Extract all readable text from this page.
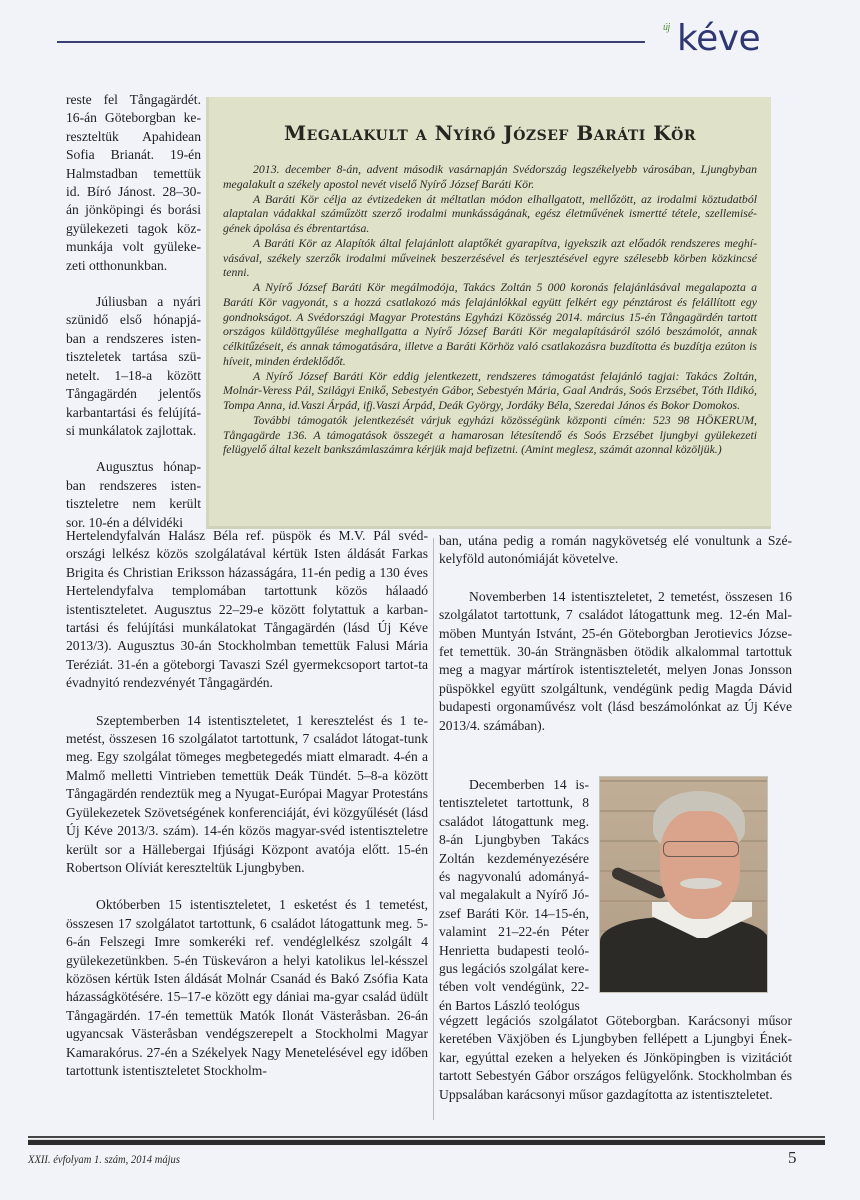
új kéve

reste fel Tångagärdét. 16-án Göteborgban ke-reszteltük Apahidean Sofia Brianát. 19-én Halmstadban temettük id. Bíró Jánost. 28–30-án jönköpingi és borási gyülekezeti tagok köz-munkája volt gyüleke-zeti otthonunkban.

Júliusban a nyári szünidő első hónapjá-ban a rendszeres isten-tiszteletek tartása szü-netelt. 1–18-a között Tångagärdén jelentős karbantartási és felújítá-si munkálatok zajlottak.

Augusztus hónap-ban rendszeres isten-tiszteletre nem került sor. 10-én a délvidéki

Megalakult a Nyírő József Baráti Kör

2013. december 8-án, advent második vasárnapján Svédország legszékelyebb városában, Ljungbyban megalakult a székely apostol nevét viselő Nyírő József Baráti Kör.

A Baráti Kör célja az évtizedeken át méltatlan módon elhallgatott, mellőzött, az irodalmi köztudatból alaptalan vádakkal száműzött szerző irodalmi munkásságának, egész életművének ismertté tétele, szellemisé-gének ápolása és ébrentartása.

A Baráti Kör az Alapítók által felajánlott alaptőkét gyarapítva, igyekszik azt előadók rendszeres meghí-vásával, székely szerzők irodalmi műveinek beszerzésével és terjesztésével egyre szélesebb körben közkincsé tenni.

A Nyírő József Baráti Kör megálmodója, Takács Zoltán 5 000 koronás felajánlásával megalapozta a Baráti Kör vagyonát, s a hozzá csatlakozó más felajánlókkal együtt felkért egy pénztárost és felállított egy gondnokságot. A Svédországi Magyar Protestáns Egyházi Közösség 2014. március 15-én Tångagärdén tartott országos küldöttgyűlése meghallgatta a Nyírő József Baráti Kör megalapításáról szóló beszámolót, annak célkitűzéseit, és annak támogatására, illetve a Baráti Körhöz való csatlakozásra buzdította és buzdítja ezúton is híveit, minden érdeklődőt.

A Nyírő József Baráti Kör eddig jelentkezett, rendszeres támogatást felajánló tagjai: Takács Zoltán, Molnár-Veress Pál, Szilágyi Enikő, Sebestyén Gábor, Sebestyén Mária, Gaal András, Soós Erzsébet, Tóth Ildikó, Tompa Anna, id.Vaszi Árpád, ifj.Vaszi Árpád, Deák György, Jordáky Béla, Szeredai János és Bokor Domokos.

További támogatók jelentkezését várjuk egyházi közösségünk központi címén: 523 98 HÖKERUM, Tångagärde 136. A támogatások összegét a hamarosan létesítendő és Soós Erzsébet ljungbyi gyülekezeti felügyelő által kezelt bankszámlaszámra kérjük majd befizetni. (Amint meglesz, számát azonnal közöljük.)

Hertelendyfalván Halász Béla ref. püspök és M.V. Pál svéd-országi lelkész közös szolgálatával kértük Isten áldását Farkas Brigita és Christian Eriksson házasságára, 11-én pedig a 130 éves Hertelendyfalva templomában tartottunk közös hálaadó istentiszteletet. Augusztus 22–29-e között folytattuk a karban-tartási és felújítási munkálatokat Tångagärdén (lásd Új Kéve 2013/3). Augusztus 30-án Stockholmban temettük Falusi Mária Teréziát. 31-én a göteborgi Tavaszi Szél gyermekcsoport tartot-ta évadnyitó rendezvényét Tångagärdén.

Szeptemberben 14 istentiszteletet, 1 keresztelést és 1 te-metést, összesen 16 szolgálatot tartottunk, 7 családot látogat-tunk meg. Egy szolgálat tömeges megbetegedés miatt elmaradt. 4-én a Malmő melletti Vintrieben temettük Deák Tündét. 5–8-a között Tångagärdén rendeztük meg a Nyugat-Európai Magyar Protestáns Gyülekezetek Szövetségének konferenciáját, évi közgyűlését (lásd Új Kéve 2013/3. szám). 14-én közös magyar-svéd istentiszteletre került sor a Hällebergai Ifjúsági Központ avatója előtt. 15-én Robertson Olíviát kereszteltük Ljungbyben.

Októberben 15 istentiszteletet, 1 esketést és 1 temetést, összesen 17 szolgálatot tartottunk, 6 családot látogattunk meg. 5-6-án Felszegi Imre somkeréki ref. vendéglelkész szolgált 4 gyülekezetünkben. 5-én Tüskeváron a helyi katolikus lel-késszel közösen kértük Isten áldását Molnár Csanád és Bakó Zsófia Kata házasságkötésére. 15–17-e között egy dániai ma-gyar család üdült Tångagärdén. 17-én temettük Matók Ilonát Västeråsban. 26-án ugyancsak Västeråsban vendégszerepelt a Stockholmi Magyar Kamarakórus. 27-én a Székelyek Nagy Menetelésével egy időben tartottunk istentiszteletet Stockholm-

ban, utána pedig a román nagykövetség elé vonultunk a Szé-kelyföld autonómiáját követelve.

Novemberben 14 istentiszteletet, 2 temetést, összesen 16 szolgálatot tartottunk, 7 családot látogattunk meg. 12-én Mal-möben Muntyán Istvánt, 25-én Göteborgban Jerotievics Józse-fet temettük. 30-án Strängnäsben ötödik alkalommal tartottuk meg a magyar mártírok istentiszteletét, melyen Jonas Jonsson püspökkel együtt szolgáltunk, vendégünk pedig Magda Dávid budapesti orgonaművész volt (lásd beszámolónkat az Új Kéve 2013/4. számában).

Decemberben 14 is-tentiszteletet tartottunk, 8 családot látogattunk meg. 8-án Ljungbyben Takács Zoltán kezdeményezésére és nagyvonalú adományá-val megalakult a Nyírő Jó-zsef Baráti Kör. 14–15-én, valamint 21–22-én Péter Henrietta budapesti teoló-gus legációs szolgálat kere-tében volt vendégünk, 22-én Bartos László teológus

végzett legációs szolgálatot Göteborgban. Karácsonyi műsor keretében Växjöben és Ljungbyben fellépett a Ljungbyi Ének-kar, egyúttal ezeken a helyeken és Jönköpingben is vizitációt tartott Sebestyén Gábor országos felügyelőnk. Stockholmban és Uppsalában karácsonyi műsor gazdagította az istentiszteletet.

XXII. évfolyam 1. szám, 2014 május	5
